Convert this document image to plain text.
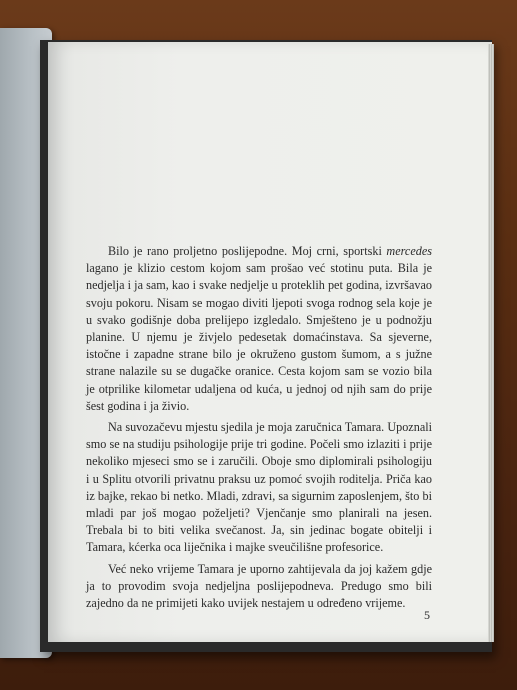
Bilo je rano proljetno poslijepodne. Moj crni, sportski mercedes lagano je klizio cestom kojom sam prošao već stotinu puta. Bila je nedjelja i ja sam, kao i svake nedjelje u proteklih pet godina, izvršavao svoju pokoru. Nisam se mogao diviti ljepoti svoga rodnog sela koje je u svako godišnje doba prelijepo izgledalo. Smješteno je u podnožju planine. U njemu je živjelo pedesetak domaćinstava. Sa sjeverne, istočne i zapadne strane bilo je okruženo gustom šumom, a s južne strane nalazile su se dugačke oranice. Cesta kojom sam se vozio bila je otprilike kilometar udaljena od kuća, u jednoj od njih sam do prije šest godina i ja živio.

Na suvozačevu mjestu sjedila je moja zaručnica Tamara. Upoznali smo se na studiju psihologije prije tri godine. Počeli smo izlaziti i prije nekoliko mjeseci smo se i zaručili. Oboje smo diplomirali psihologiju i u Splitu otvorili privatnu praksu uz pomoć svojih roditelja. Priča kao iz bajke, rekao bi netko. Mladi, zdravi, sa sigurnim zaposlenjem, što bi mladi par još mogao poželjeti? Vjenčanje smo planirali na jesen. Trebala bi to biti velika svečanost. Ja, sin jedinac bogate obitelji i Tamara, kćerka oca liječnika i majke sveučilišne profesorice.

Već neko vrijeme Tamara je uporno zahtijevala da joj kažem gdje ja to provodim svoja nedjeljna poslijepodneva. Predugo smo bili zajedno da ne primijeti kako uvijek nestajem u određeno vrijeme.

5
